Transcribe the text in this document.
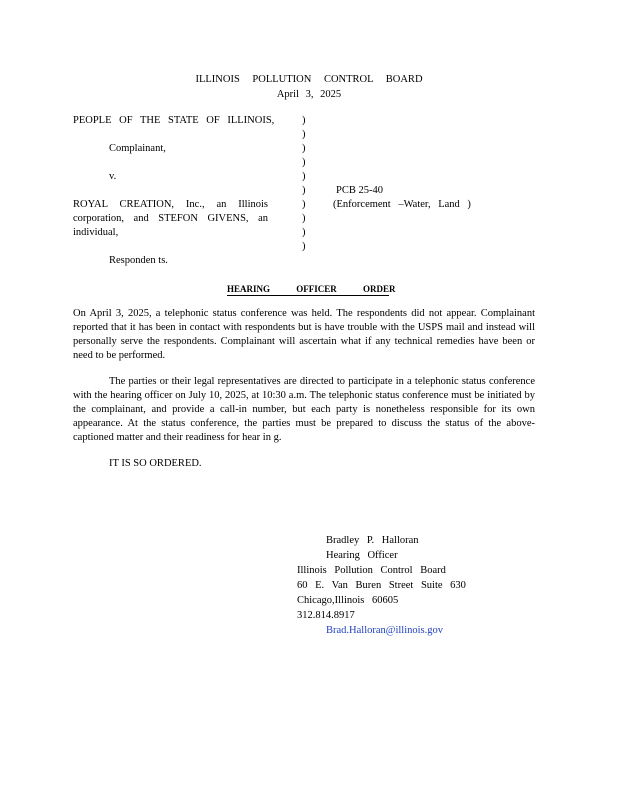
ILLINOIS POLLUTION CONTROL BOARD
April 3, 2025
PEOPLE OF THE STATE OF ILLINOIS,
Complainant,
v.
ROYAL CREATION, Inc., an Illinois corporation, and STEFON GIVENS, an individual,
Responden ts.
)
)
)
)
)
)
)
)
)
)
PCB 25-40
(Enforcement –Water, Land )
HEARING OFFICER ORDER
On April 3, 2025, a telephonic status conference was held. The respondents did not appear. Complainant reported that it has been in contact with respondents but is have trouble with the USPS mail and instead will personally serve the respondents. Complainant will ascertain what if any technical remedies have been or need to be performed.
The parties or their legal representatives are directed to participate in a telephonic status conference with the hearing officer on July 10, 2025, at 10:30 a.m. The telephonic status conference must be initiated by the complainant, and provide a call-in number, but each party is nonetheless responsible for its own appearance. At the status conference, the parties must be prepared to discuss the status of the above- captioned matter and their readiness for hear in g.
IT IS SO ORDERED.
Bradley P. Halloran
Hearing Officer
Illinois Pollution Control Board
60 E. Van Buren Street Suite 630
Chicago,Illinois 60605
312.814.8917
Brad.Halloran@illinois.gov
